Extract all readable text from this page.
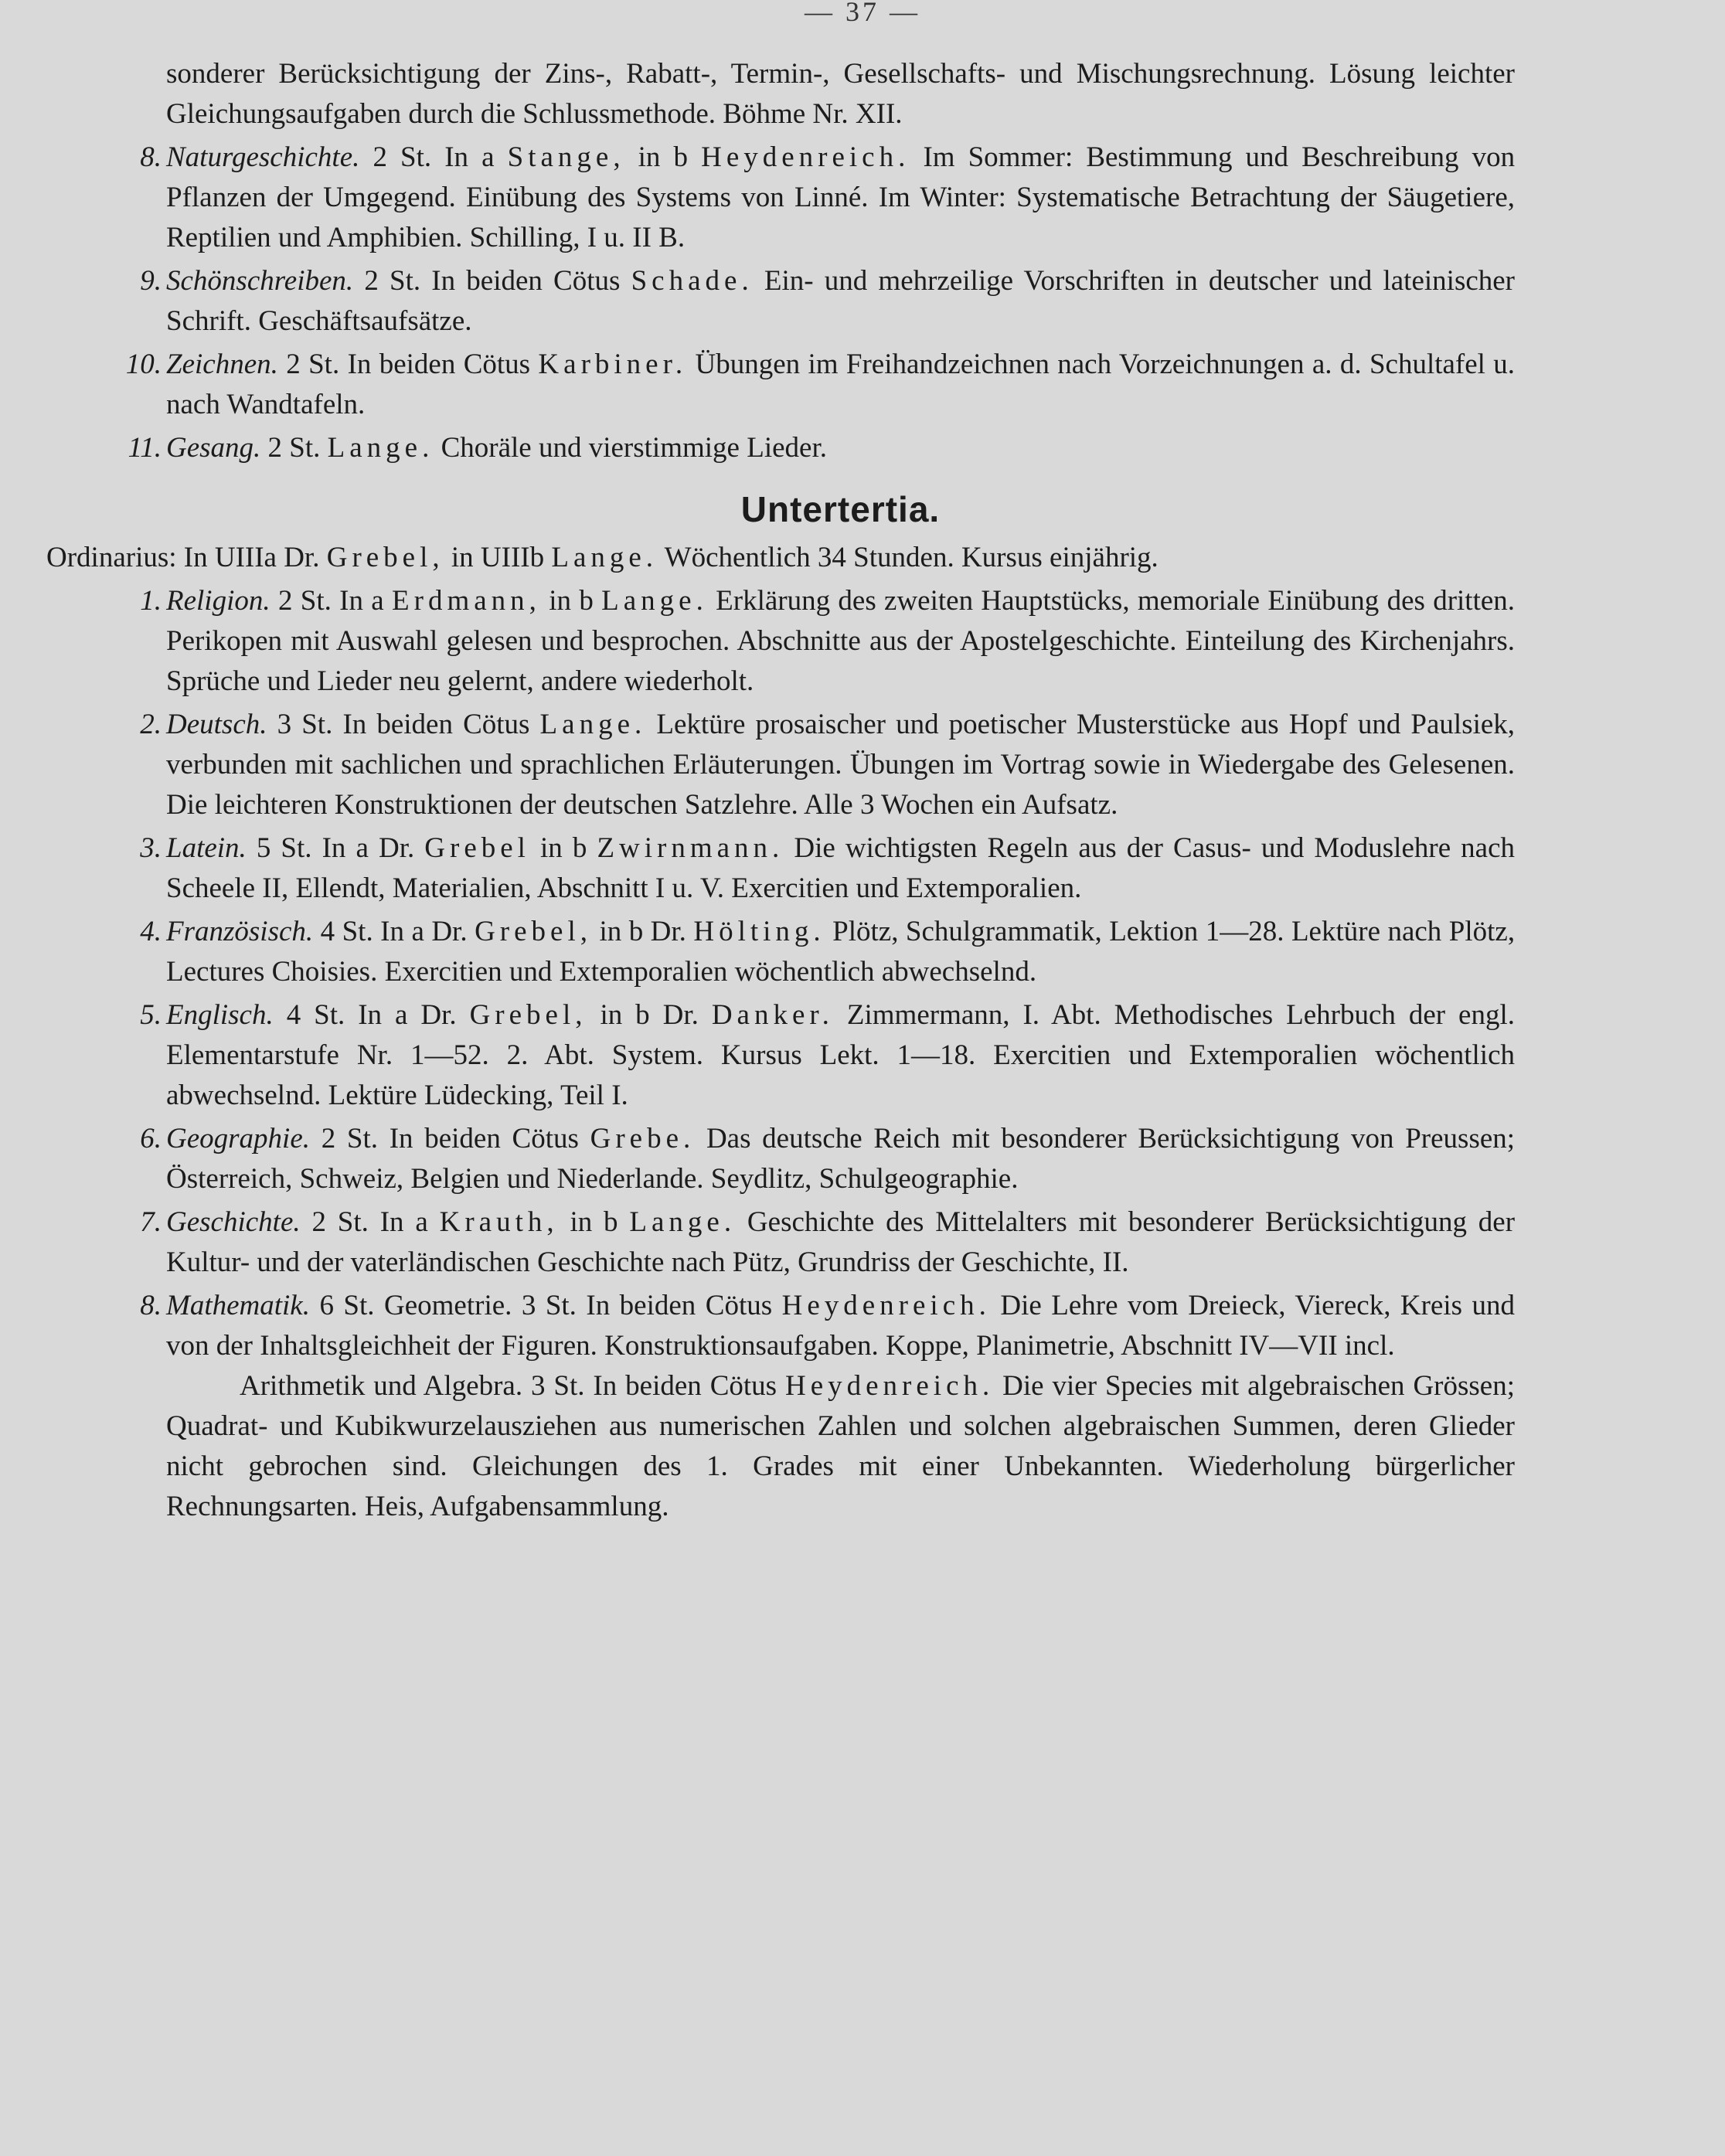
— 37 —
sonderer Berücksichtigung der Zins-, Rabatt-, Termin-, Gesellschafts- und Mischungsrechnung. Lösung leichter Gleichungsaufgaben durch die Schlussmethode. Böhme Nr. XII.
8. Naturgeschichte. 2 St. In a Stange, in b Heydenreich. Im Sommer: Bestimmung und Beschreibung von Pflanzen der Umgegend. Einübung des Systems von Linné. Im Winter: Systematische Betrachtung der Säugetiere, Reptilien und Amphibien. Schilling, I u. II B.
9. Schönschreiben. 2 St. In beiden Cötus Schade. Ein- und mehrzeilige Vorschriften in deutscher und lateinischer Schrift. Geschäftsaufsätze.
10. Zeichnen. 2 St. In beiden Cötus Karbiner. Übungen im Freihandzeichnen nach Vorzeichnungen a. d. Schultafel u. nach Wandtafeln.
11. Gesang. 2 St. Lange. Choräle und vierstimmige Lieder.
Untertertia.
Ordinarius: In UIIIa Dr. Grebel, in UIIIb Lange. Wöchentlich 34 Stunden. Kursus einjährig.
1. Religion. 2 St. In a Erdmann, in b Lange. Erklärung des zweiten Hauptstücks, memoriale Einübung des dritten. Perikopen mit Auswahl gelesen und besprochen. Abschnitte aus der Apostelgeschichte. Einteilung des Kirchenjahrs. Sprüche und Lieder neu gelernt, andere wiederholt.
2. Deutsch. 3 St. In beiden Cötus Lange. Lektüre prosaischer und poetischer Musterstücke aus Hopf und Paulsiek, verbunden mit sachlichen und sprachlichen Erläuterungen. Übungen im Vortrag sowie in Wiedergabe des Gelesenen. Die leichteren Konstruktionen der deutschen Satzlehre. Alle 3 Wochen ein Aufsatz.
3. Latein. 5 St. In a Dr. Grebel in b Zwirnmann. Die wichtigsten Regeln aus der Casus- und Moduslehre nach Scheele II, Ellendt, Materialien, Abschnitt I u. V. Exercitien und Extemporalien.
4. Französisch. 4 St. In a Dr. Grebel, in b Dr. Hölting. Plötz, Schulgrammatik, Lektion 1—28. Lektüre nach Plötz, Lectures Choisies. Exercitien und Extemporalien wöchentlich abwechselnd.
5. Englisch. 4 St. In a Dr. Grebel, in b Dr. Danker. Zimmermann, I. Abt. Methodisches Lehrbuch der engl. Elementarstufe Nr. 1—52. 2. Abt. System. Kursus Lekt. 1—18. Exercitien und Extemporalien wöchentlich abwechselnd. Lektüre Lüdecking, Teil I.
6. Geographie. 2 St. In beiden Cötus Grebe. Das deutsche Reich mit besonderer Berücksichtigung von Preussen; Österreich, Schweiz, Belgien und Niederlande. Seydlitz, Schulgeographie.
7. Geschichte. 2 St. In a Krauth, in b Lange. Geschichte des Mittelalters mit besonderer Berücksichtigung der Kultur- und der vaterländischen Geschichte nach Pütz, Grundriss der Geschichte, II.
8. Mathematik. 6 St. Geometrie. 3 St. In beiden Cötus Heydenreich. Die Lehre vom Dreieck, Viereck, Kreis und von der Inhaltsgleichheit der Figuren. Konstruktionsaufgaben. Koppe, Planimetrie, Abschnitt IV—VII incl.
Arithmetik und Algebra. 3 St. In beiden Cötus Heydenreich. Die vier Species mit algebraischen Grössen; Quadrat- und Kubikwurzelausziehen aus numerischen Zahlen und solchen algebraischen Summen, deren Glieder nicht gebrochen sind. Gleichungen des 1. Grades mit einer Unbekannten. Wiederholung bürgerlicher Rechnungsarten. Heis, Aufgabensammlung.
